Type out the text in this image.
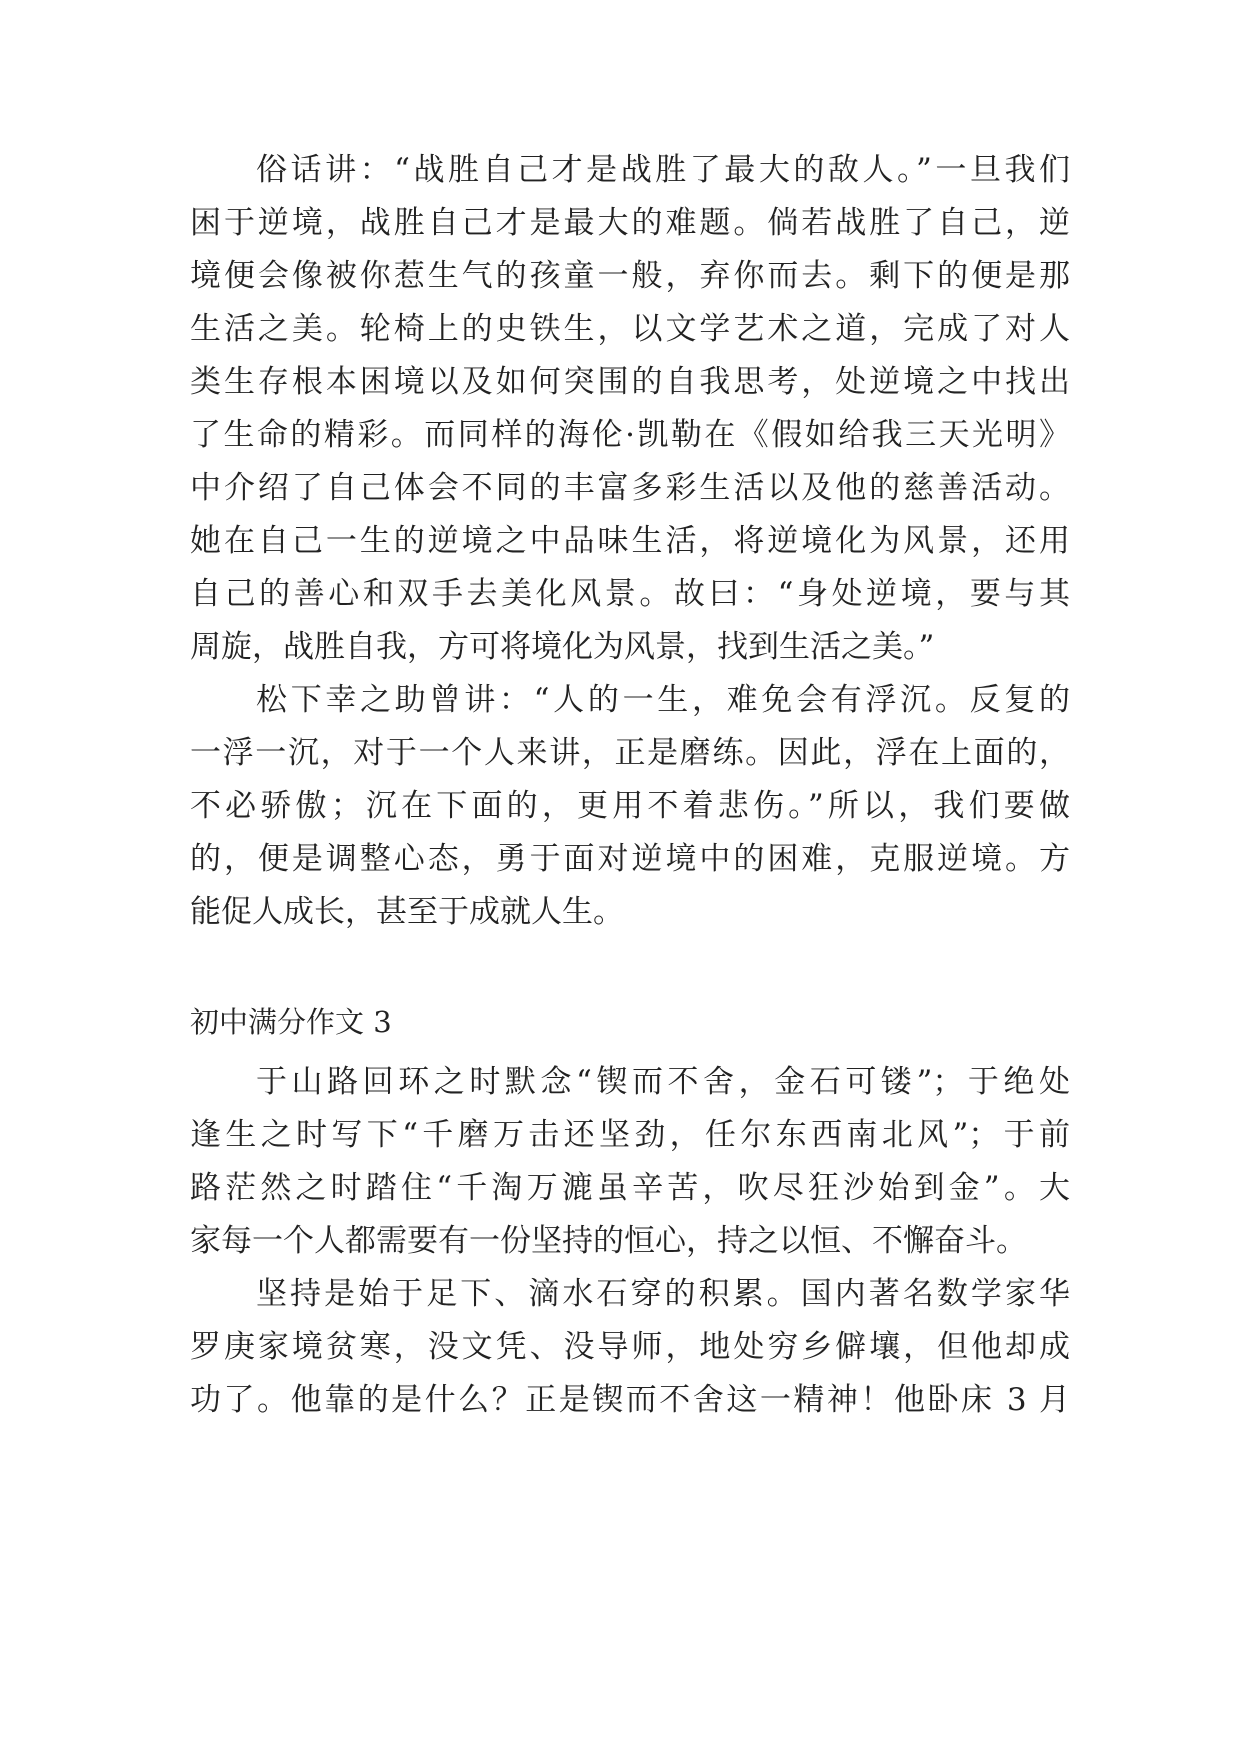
俗话讲：“战胜自己才是战胜了最大的敌人。”一旦我们
困于逆境，战胜自己才是最大的难题。倘若战胜了自己，逆
境便会像被你惹生气的孩童一般，弃你而去。剩下的便是那
生活之美。轮椅上的史铁生，以文学艺术之道，完成了对人
类生存根本困境以及如何突围的自我思考，处逆境之中找出
了生命的精彩。而同样的海伦·凯勒在《假如给我三天光明》
中介绍了自己体会不同的丰富多彩生活以及他的慈善活动。
她在自己一生的逆境之中品味生活，将逆境化为风景，还用
自己的善心和双手去美化风景。故曰：“身处逆境，要与其
周旋，战胜自我，方可将境化为风景，找到生活之美。”
松下幸之助曾讲：“人的一生，难免会有浮沉。反复的
一浮一沉，对于一个人来讲，正是磨练。因此，浮在上面的，
不必骄傲；沉在下面的，更用不着悲伤。”所以，我们要做
的，便是调整心态，勇于面对逆境中的困难，克服逆境。方
能促人成长，甚至于成就人生。
初中满分作文 3
于山路回环之时默念“锲而不舍，金石可镂”；于绝处
逢生之时写下“千磨万击还坚劲，任尔东西南北风”；于前
路茫然之时踏住“千淘万漉虽辛苦，吹尽狂沙始到金”。大
家每一个人都需要有一份坚持的恒心，持之以恒、不懈奋斗。
坚持是始于足下、滴水石穿的积累。国内著名数学家华
罗庚家境贫寒，没文凭、没导师，地处穷乡僻壤，但他却成
功了。他靠的是什么？正是锲而不舍这一精神！他卧床 3 月
